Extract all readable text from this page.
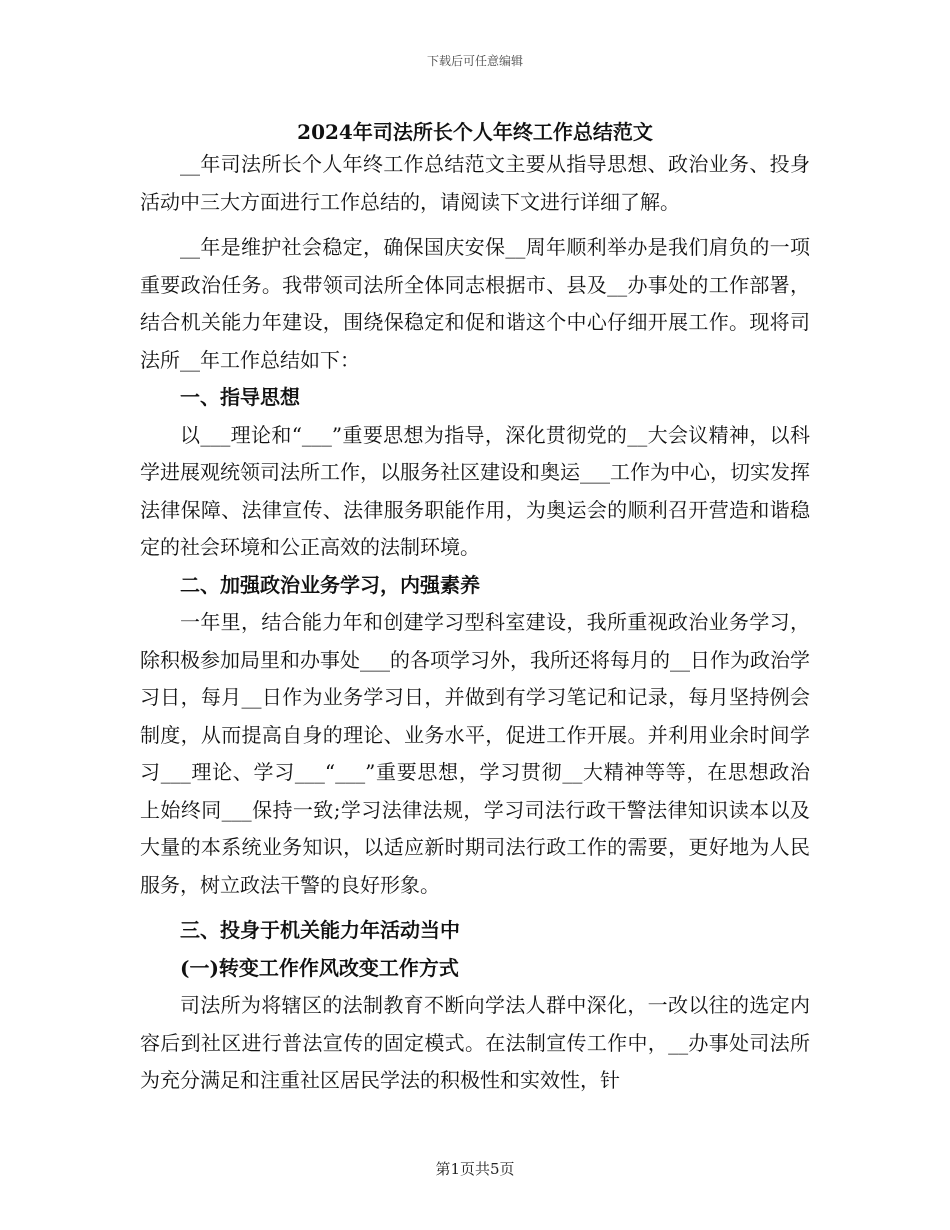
下载后可任意编辑
2024年司法所长个人年终工作总结范文

__年司法所长个人年终工作总结范文主要从指导思想、政治业务、投身活动中三大方面进行工作总结的，请阅读下文进行详细了解。

__年是维护社会稳定，确保国庆安保__周年顺利举办是我们肩负的一项重要政治任务。我带领司法所全体同志根据市、县及__办事处的工作部署，结合机关能力年建设，围绕保稳定和促和谐这个中心仔细开展工作。现将司法所__年工作总结如下：

一、指导思想

以___理论和“___”重要思想为指导，深化贯彻党的__大会议精神，以科学进展观统领司法所工作，以服务社区建设和奥运___工作为中心，切实发挥法律保障、法律宣传、法律服务职能作用，为奥运会的顺利召开营造和谐稳定的社会环境和公正高效的法制环境。

二、加强政治业务学习，内强素养

一年里，结合能力年和创建学习型科室建设，我所重视政治业务学习，除积极参加局里和办事处___的各项学习外，我所还将每月的__日作为政治学习日，每月__日作为业务学习日，并做到有学习笔记和记录，每月坚持例会制度，从而提高自身的理论、业务水平，促进工作开展。并利用业余时间学习___理论、学习___“___”重要思想，学习贯彻__大精神等等，在思想政治上始终同___保持一致;学习法律法规，学习司法行政干警法律知识读本以及大量的本系统业务知识，以适应新时期司法行政工作的需要，更好地为人民服务，树立政法干警的良好形象。

三、投身于机关能力年活动当中

(一)转变工作作风改变工作方式

司法所为将辖区的法制教育不断向学法人群中深化，一改以往的选定内容后到社区进行普法宣传的固定模式。在法制宣传工作中，__办事处司法所为充分满足和注重社区居民学法的积极性和实效性，针

第1页共5页
